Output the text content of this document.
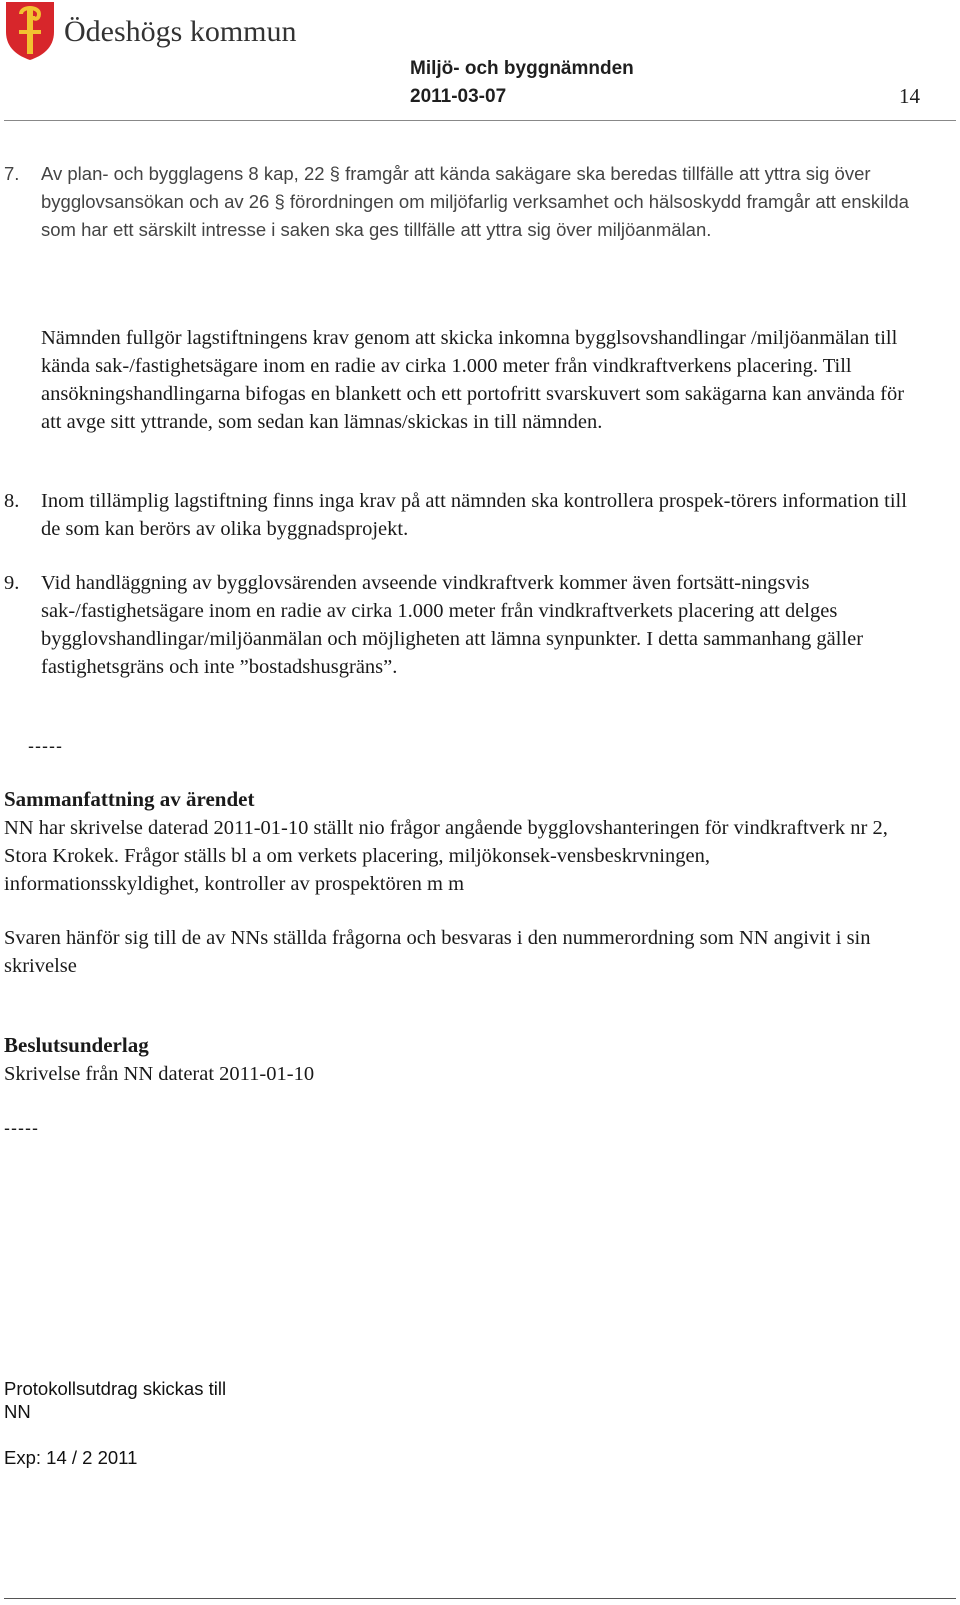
Ödeshögs kommun
Miljö- och byggnämnden
2011-03-07	14
7. Av plan- och bygglagens 8 kap, 22 § framgår att kända sakägare ska beredas tillfälle att yttra sig över bygglovsansökan och av 26 § förordningen om miljöfarlig verksamhet och hälsoskydd framgår att enskilda som har ett särskilt intresse i saken ska ges tillfälle att yttra sig över miljöanmälan.
Nämnden fullgör lagstiftningens krav genom att skicka inkomna bygglsovshandlingar /miljöanmälan till kända sak-/fastighetsägare inom en radie av cirka 1.000 meter från vindkraftverkens placering. Till ansökningshandlingarna bifogas en blankett och ett portofritt svarskuvert som sakägarna kan använda för att avge sitt yttrande, som sedan kan lämnas/skickas in till nämnden.
8. Inom tillämplig lagstiftning finns inga krav på att nämnden ska kontrollera prospek-törers information till de som kan berörs av olika byggnadsprojekt.
9. Vid handläggning av bygglovsärenden avseende vindkraftverk kommer även fortsätt-ningsvis sak-/fastighetsägare inom en radie av cirka 1.000 meter från vindkraftverkets placering att delges bygglovshandlingar/miljöanmälan och möjligheten att lämna synpunkter. I detta sammanhang gäller fastighetsgräns och inte ”bostadshusgräns”.
-----
Sammanfattning av ärendet
NN har skrivelse daterad 2011-01-10 ställt nio frågor angående bygglovshanteringen för vindkraftverk nr 2, Stora Krokek. Frågor ställs bl a om verkets placering, miljökonsek-vensbeskrvningen, informationsskyldighet, kontroller av prospektören m m
Svaren hänför sig till de av NNs ställda frågorna och besvaras i den nummerordning som NN angivit i sin skrivelse
Beslutsunderlag
Skrivelse från NN daterat 2011-01-10
-----
Protokollsutdrag skickas till
NN
Exp: 14 / 2 2011
